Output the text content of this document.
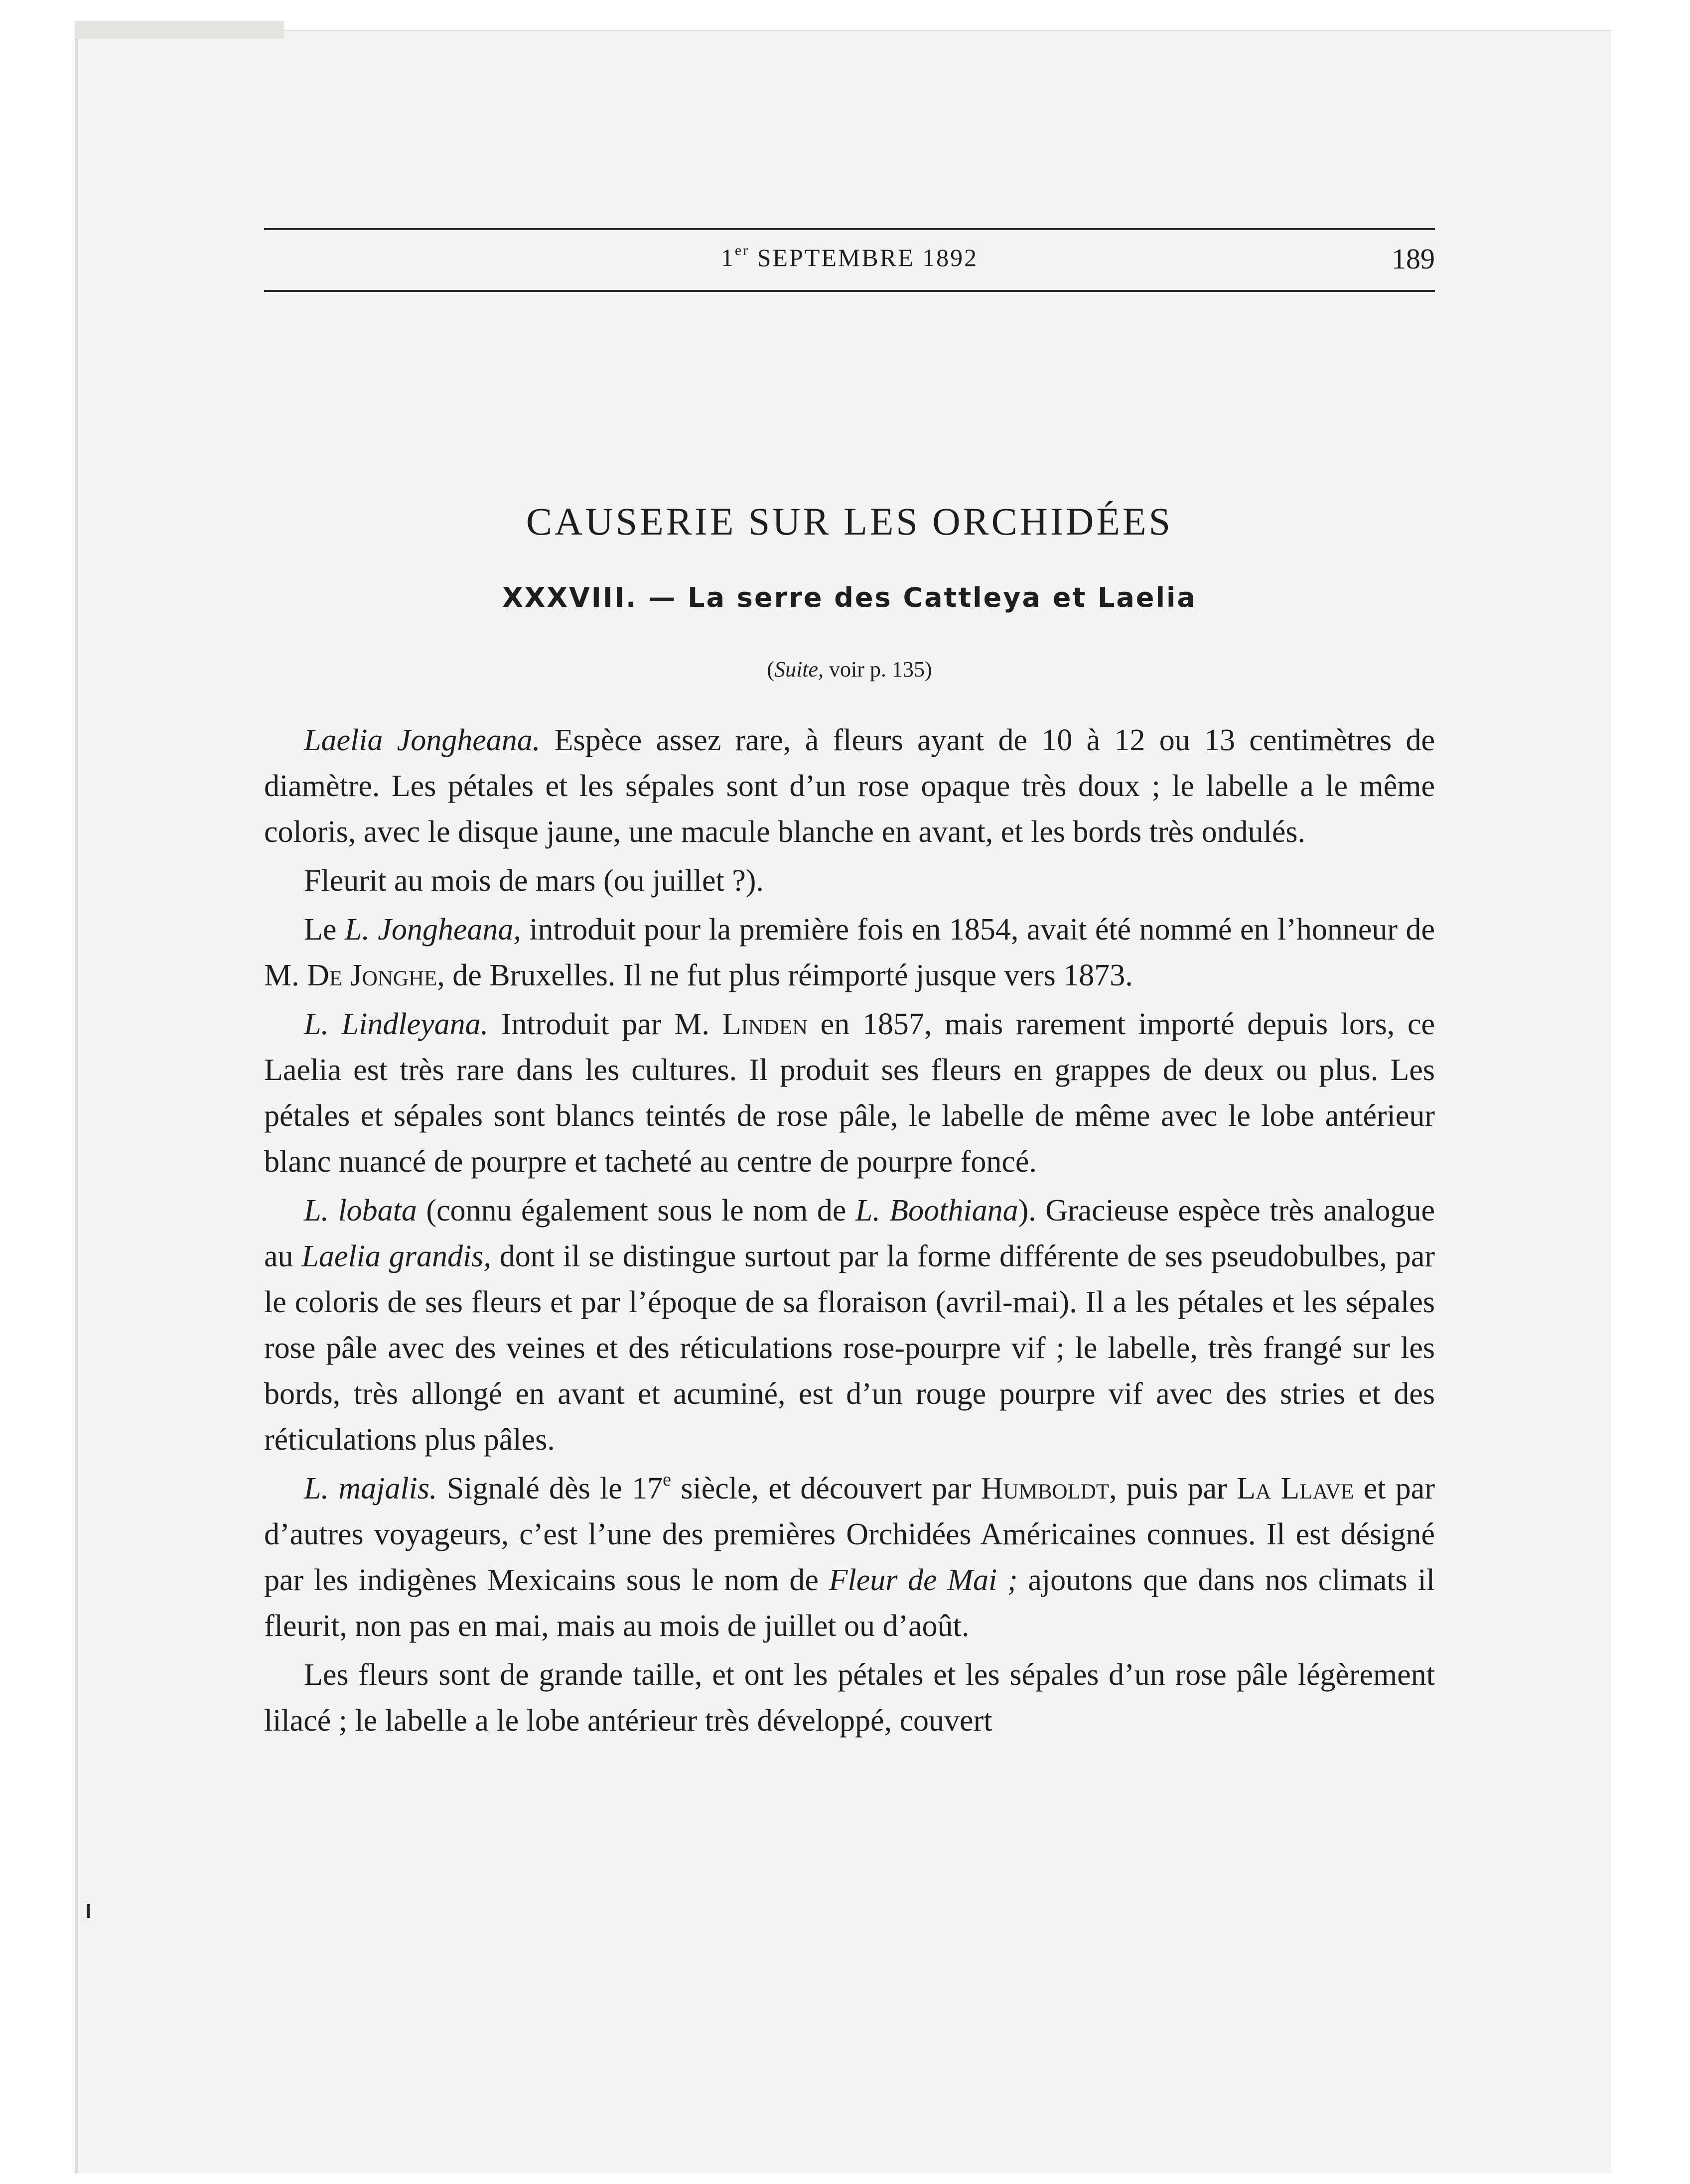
1er SEPTEMBRE 1892	189
CAUSERIE SUR LES ORCHIDÉES
XXXVIII. — La serre des Cattleya et Laelia
(Suite, voir p. 135)

Laelia Jongheana. Espèce assez rare, à fleurs ayant de 10 à 12 ou 13 centimètres de diamètre. Les pétales et les sépales sont d’un rose opaque très doux ; le labelle a le même coloris, avec le disque jaune, une macule blanche en avant, et les bords très ondulés.

Fleurit au mois de mars (ou juillet ?).

Le L. Jongheana, introduit pour la première fois en 1854, avait été nommé en l’honneur de M. De Jonghe, de Bruxelles. Il ne fut plus réimporté jusque vers 1873.

L. Lindleyana. Introduit par M. Linden en 1857, mais rarement importé depuis lors, ce Laelia est très rare dans les cultures. Il produit ses fleurs en grappes de deux ou plus. Les pétales et sépales sont blancs teintés de rose pâle, le labelle de même avec le lobe antérieur blanc nuancé de pourpre et tacheté au centre de pourpre foncé.

L. lobata (connu également sous le nom de L. Boothiana). Gracieuse espèce très analogue au Laelia grandis, dont il se distingue surtout par la forme différente de ses pseudobulbes, par le coloris de ses fleurs et par l’époque de sa floraison (avril-mai). Il a les pétales et les sépales rose pâle avec des veines et des réticulations rose-pourpre vif ; le labelle, très frangé sur les bords, très allongé en avant et acuminé, est d’un rouge pourpre vif avec des stries et des réticulations plus pâles.

L. majalis. Signalé dès le 17e siècle, et découvert par Humboldt, puis par La Llave et par d’autres voyageurs, c’est l’une des premières Orchidées Américaines connues. Il est désigné par les indigènes Mexicains sous le nom de Fleur de Mai ; ajoutons que dans nos climats il fleurit, non pas en mai, mais au mois de juillet ou d’août.

Les fleurs sont de grande taille, et ont les pétales et les sépales d’un rose pâle légèrement lilacé ; le labelle a le lobe antérieur très développé, couvert
